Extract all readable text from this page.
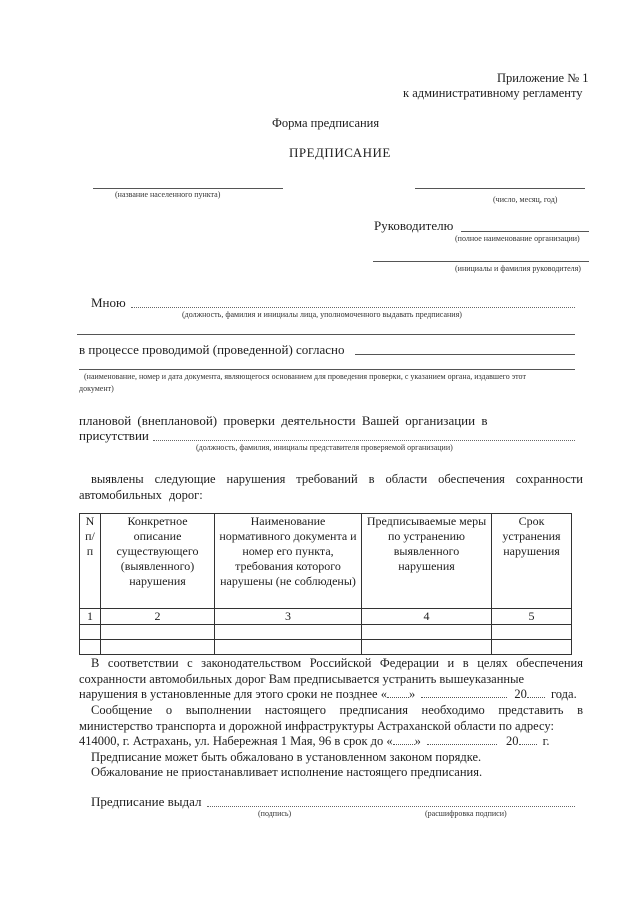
Приложение № 1
к административному регламенту
Форма предписания
ПРЕДПИСАНИЕ
(название населенного пункта)
(число, месяц, год)
Руководителю
(полное наименование организации)
(инициалы и фамилия руководителя)
Мною
(должность, фамилия и инициалы лица, уполномоченного выдавать предписания)
в процессе проводимой (проведенной) согласно
(наименование, номер и дата документа, являющегося основанием для проведения проверки, с указанием органа, издавшего этот
документ)
плановой (внеплановой) проверки деятельности Вашей организации в
присутствии
(должность, фамилия, инициалы представителя проверяемой организации)
выявлены следующие нарушения требований в области обеспечения сохранности автомобильных дорог:
N п/п	Конкретное описание существующего (выявленного) нарушения	Наименование нормативного документа и номер его пункта, требования которого нарушены (не соблюдены)	Предписываемые меры по устранению выявленного нарушения	Срок устранения нарушения
1	2	3	4	5

В соответствии с законодательством Российской Федерации и в целях обеспечения сохранности автомобильных дорог Вам предписывается устранить вышеуказанные
нарушения в установленные для этого сроки не позднее « »	20 года.
Сообщение о выполнении настоящего предписания необходимо представить в министерство транспорта и дорожной инфраструктуры Астраханской области по адресу:
414000, г. Астрахань, ул. Набережная 1 Мая, 96 в срок до « »	20 г.
Предписание может быть обжаловано в установленном законом порядке.
Обжалование не приостанавливает исполнение настоящего предписания.
Предписание выдал
(подпись)	(расшифровка подписи)
